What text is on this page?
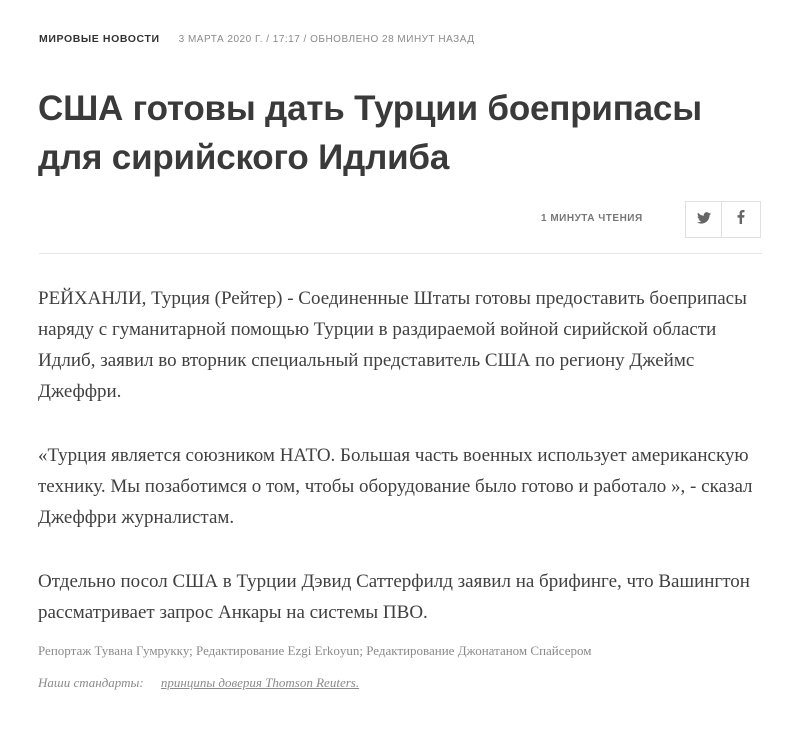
МИРОВЫЕ НОВОСТИ 3 МАРТА 2020 Г. / 17:17 / ОБНОВЛЕНО 28 МИНУТ НАЗАД
США готовы дать Турции боеприпасы для сирийского Идлиба
1 МИНУТА ЧТЕНИЯ

РЕЙХАНЛИ, Турция (Рейтер) - Соединенные Штаты готовы предоставить боеприпасы наряду с гуманитарной помощью Турции в раздираемой войной сирийской области Идлиб, заявил во вторник специальный представитель США по региону Джеймс Джеффри.

«Турция является союзником НАТО. Большая часть военных использует американскую технику. Мы позаботимся о том, чтобы оборудование было готово и работало », - сказал Джеффри журналистам.

Отдельно посол США в Турции Дэвид Саттерфилд заявил на брифинге, что Вашингтон рассматривает запрос Анкары на системы ПВО.

Репортаж Тувана Гумрукку; Редактирование Ezgi Erkoyun; Редактирование Джонатаном Спайсером
Наши стандарты: принципы доверия Thomson Reuters.
